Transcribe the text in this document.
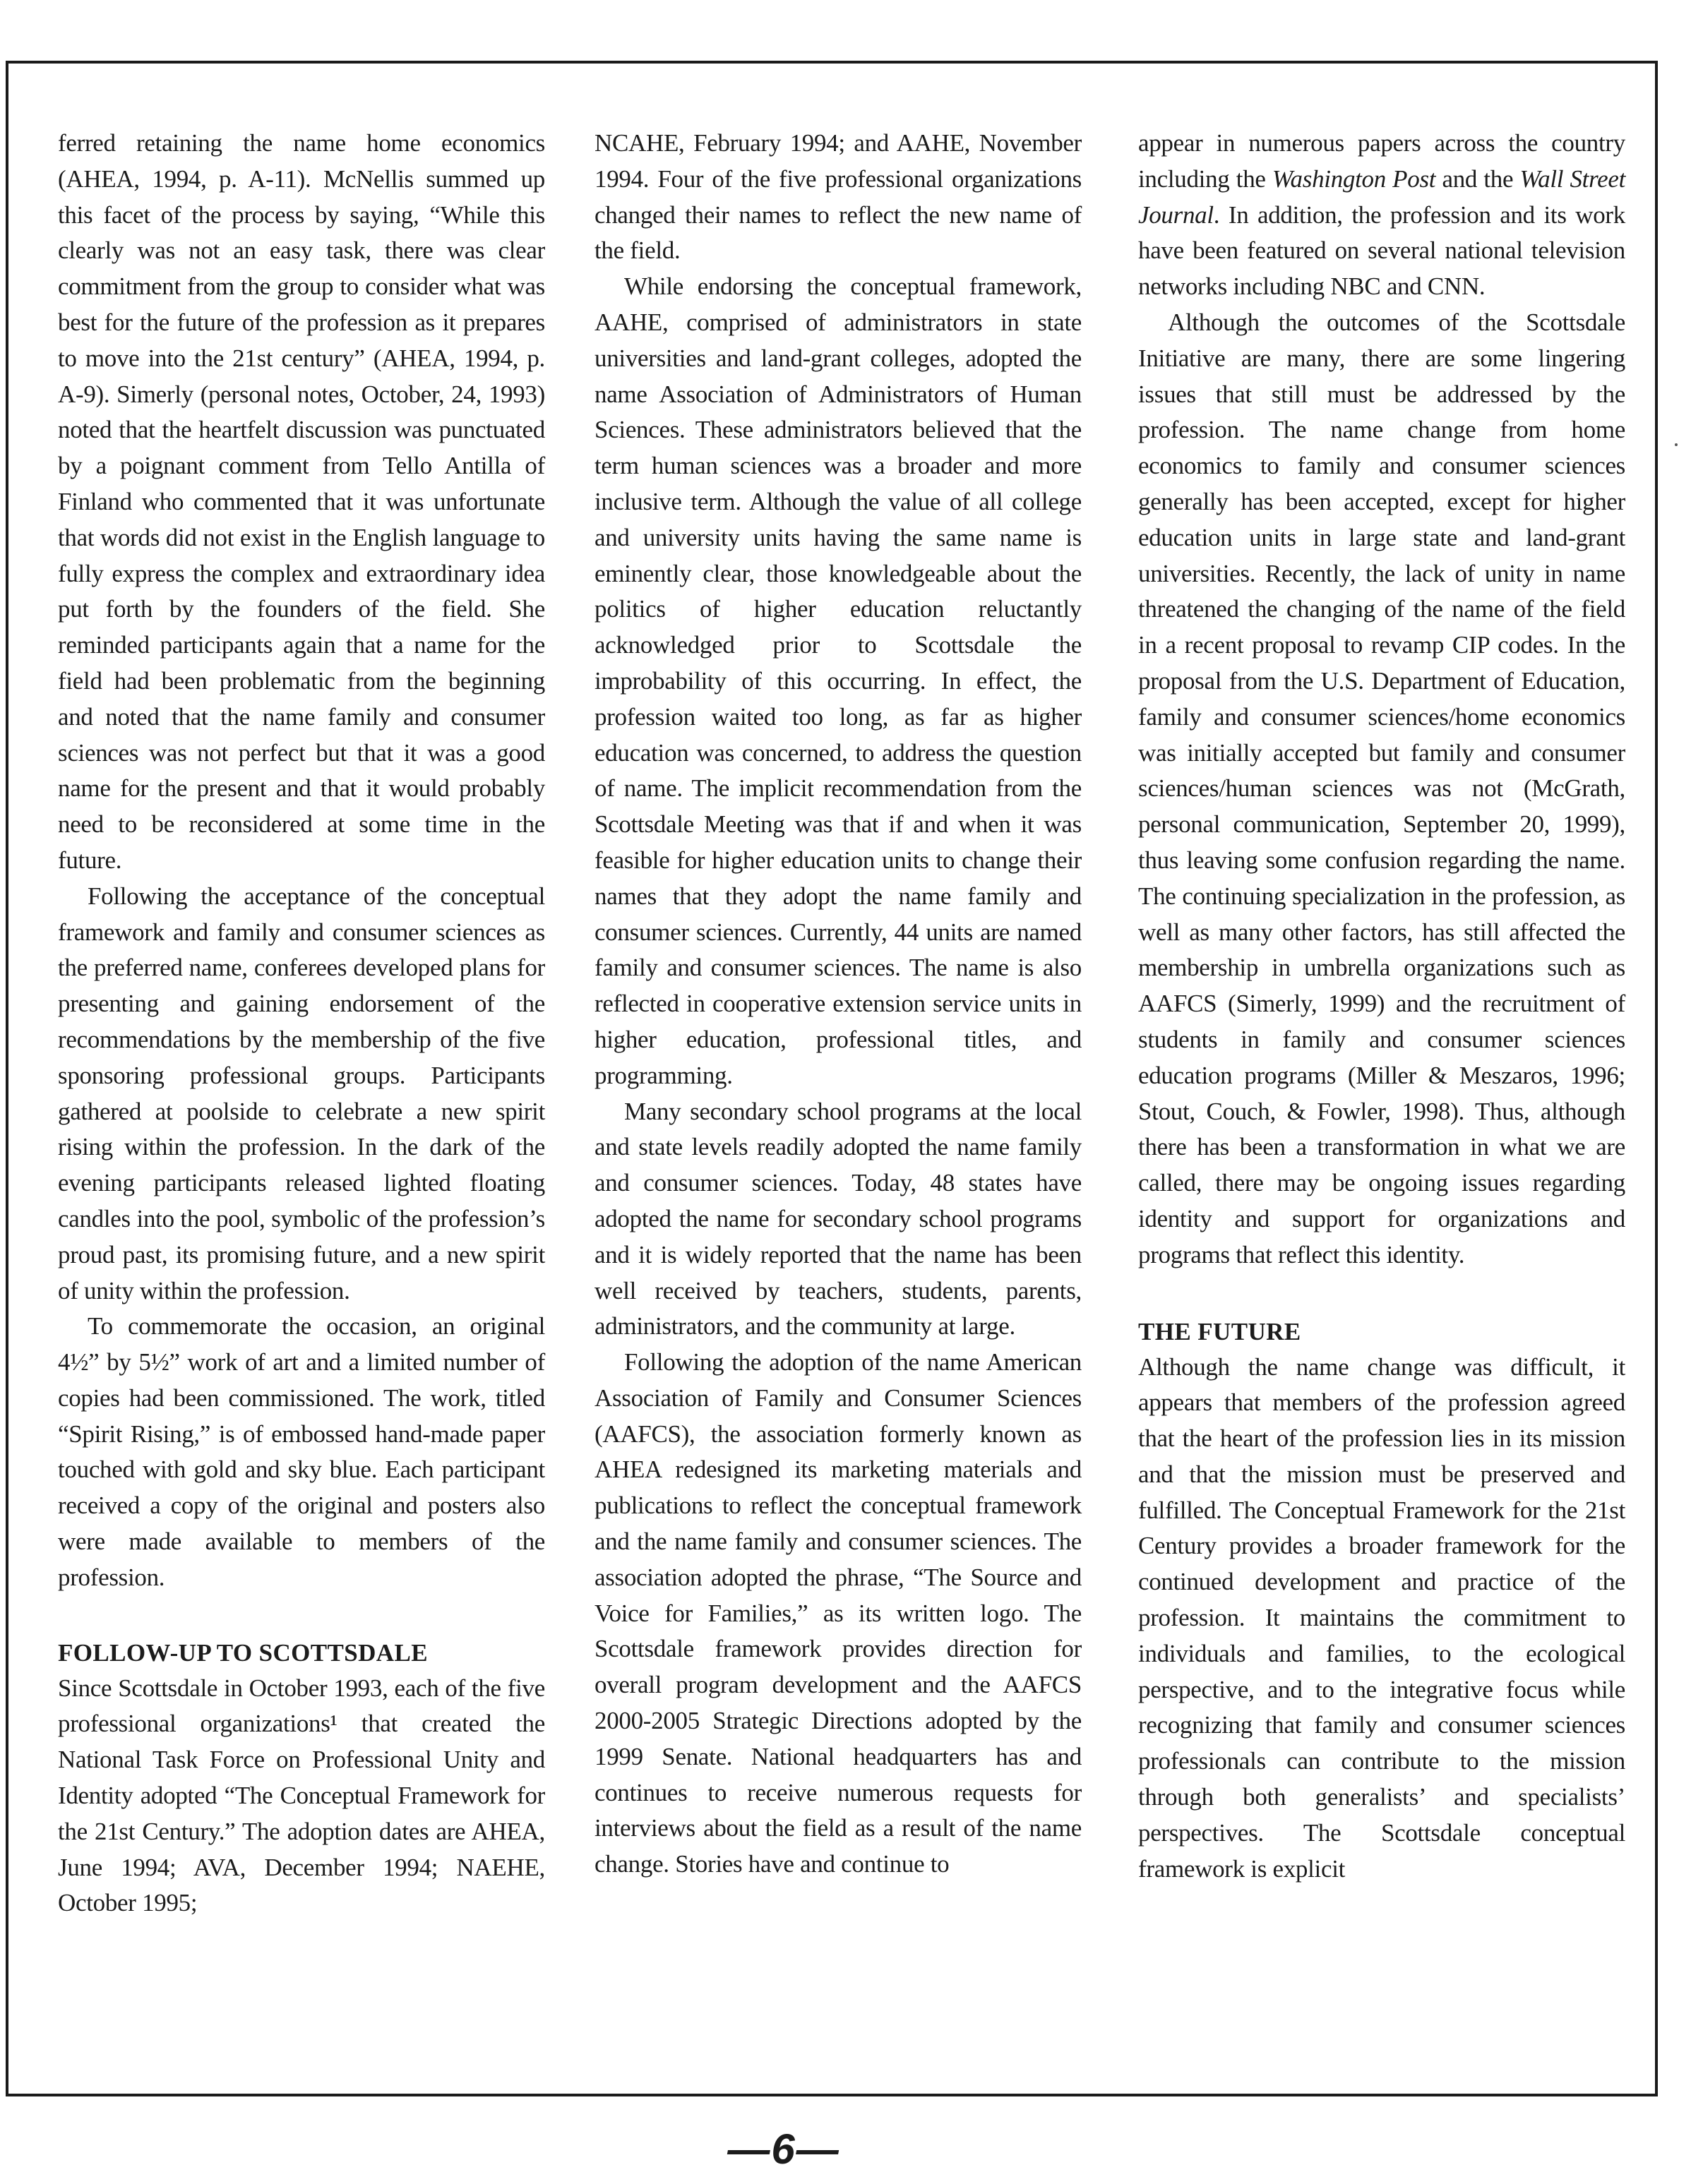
ferred retaining the name home economics (AHEA, 1994, p. A-11). McNellis summed up this facet of the process by saying, “While this clearly was not an easy task, there was clear commitment from the group to consider what was best for the future of the profession as it prepares to move into the 21st century” (AHEA, 1994, p. A-9). Simerly (personal notes, October, 24, 1993) noted that the heartfelt discussion was punctuated by a poignant comment from Tello Antilla of Finland who commented that it was unfortunate that words did not exist in the English language to fully express the complex and extraordinary idea put forth by the founders of the field. She reminded participants again that a name for the field had been problematic from the beginning and noted that the name family and consumer sciences was not perfect but that it was a good name for the present and that it would probably need to be reconsidered at some time in the future.

Following the acceptance of the conceptual framework and family and consumer sciences as the preferred name, conferees developed plans for presenting and gaining endorsement of the recommendations by the membership of the five sponsoring professional groups. Participants gathered at poolside to celebrate a new spirit rising within the profession. In the dark of the evening participants released lighted floating candles into the pool, symbolic of the profession’s proud past, its promising future, and a new spirit of unity within the profession.

To commemorate the occasion, an original 4½” by 5½” work of art and a limited number of copies had been commissioned. The work, titled “Spirit Rising,” is of embossed hand-made paper touched with gold and sky blue. Each participant received a copy of the original and posters also were made available to members of the profession.

FOLLOW-UP TO SCOTTSDALE

Since Scottsdale in October 1993, each of the five professional organizations¹ that created the National Task Force on Professional Unity and Identity adopted “The Conceptual Framework for the 21st Century.” The adoption dates are AHEA, June 1994; AVA, December 1994; NAEHE, October 1995;

NCAHE, February 1994; and AAHE, November 1994. Four of the five professional organizations changed their names to reflect the new name of the field.

While endorsing the conceptual framework, AAHE, comprised of administrators in state universities and land-grant colleges, adopted the name Association of Administrators of Human Sciences. These administrators believed that the term human sciences was a broader and more inclusive term. Although the value of all college and university units having the same name is eminently clear, those knowledgeable about the politics of higher education reluctantly acknowledged prior to Scottsdale the improbability of this occurring. In effect, the profession waited too long, as far as higher education was concerned, to address the question of name. The implicit recommendation from the Scottsdale Meeting was that if and when it was feasible for higher education units to change their names that they adopt the name family and consumer sciences. Currently, 44 units are named family and consumer sciences. The name is also reflected in cooperative extension service units in higher education, professional titles, and programming.

Many secondary school programs at the local and state levels readily adopted the name family and consumer sciences. Today, 48 states have adopted the name for secondary school programs and it is widely reported that the name has been well received by teachers, students, parents, administrators, and the community at large.

Following the adoption of the name American Association of Family and Consumer Sciences (AAFCS), the association formerly known as AHEA redesigned its marketing materials and publications to reflect the conceptual framework and the name family and consumer sciences. The association adopted the phrase, “The Source and Voice for Families,” as its written logo. The Scottsdale framework provides direction for overall program development and the AAFCS 2000-2005 Strategic Directions adopted by the 1999 Senate. National headquarters has and continues to receive numerous requests for interviews about the field as a result of the name change. Stories have and continue to

appear in numerous papers across the country including the Washington Post and the Wall Street Journal. In addition, the profession and its work have been featured on several national television networks including NBC and CNN.

Although the outcomes of the Scottsdale Initiative are many, there are some lingering issues that still must be addressed by the profession. The name change from home economics to family and consumer sciences generally has been accepted, except for higher education units in large state and land-grant universities. Recently, the lack of unity in name threatened the changing of the name of the field in a recent proposal to revamp CIP codes. In the proposal from the U.S. Department of Education, family and consumer sciences/home economics was initially accepted but family and consumer sciences/human sciences was not (McGrath, personal communication, September 20, 1999), thus leaving some confusion regarding the name. The continuing specialization in the profession, as well as many other factors, has still affected the membership in umbrella organizations such as AAFCS (Simerly, 1999) and the recruitment of students in family and consumer sciences education programs (Miller & Meszaros, 1996; Stout, Couch, & Fowler, 1998). Thus, although there has been a transformation in what we are called, there may be ongoing issues regarding identity and support for organizations and programs that reflect this identity.

THE FUTURE

Although the name change was difficult, it appears that members of the profession agreed that the heart of the profession lies in its mission and that the mission must be preserved and fulfilled. The Conceptual Framework for the 21st Century provides a broader framework for the continued development and practice of the profession. It maintains the commitment to individuals and families, to the ecological perspective, and to the integrative focus while recognizing that family and consumer sciences professionals can contribute to the mission through both generalists’ and specialists’ perspectives. The Scottsdale conceptual framework is explicit

—6—
